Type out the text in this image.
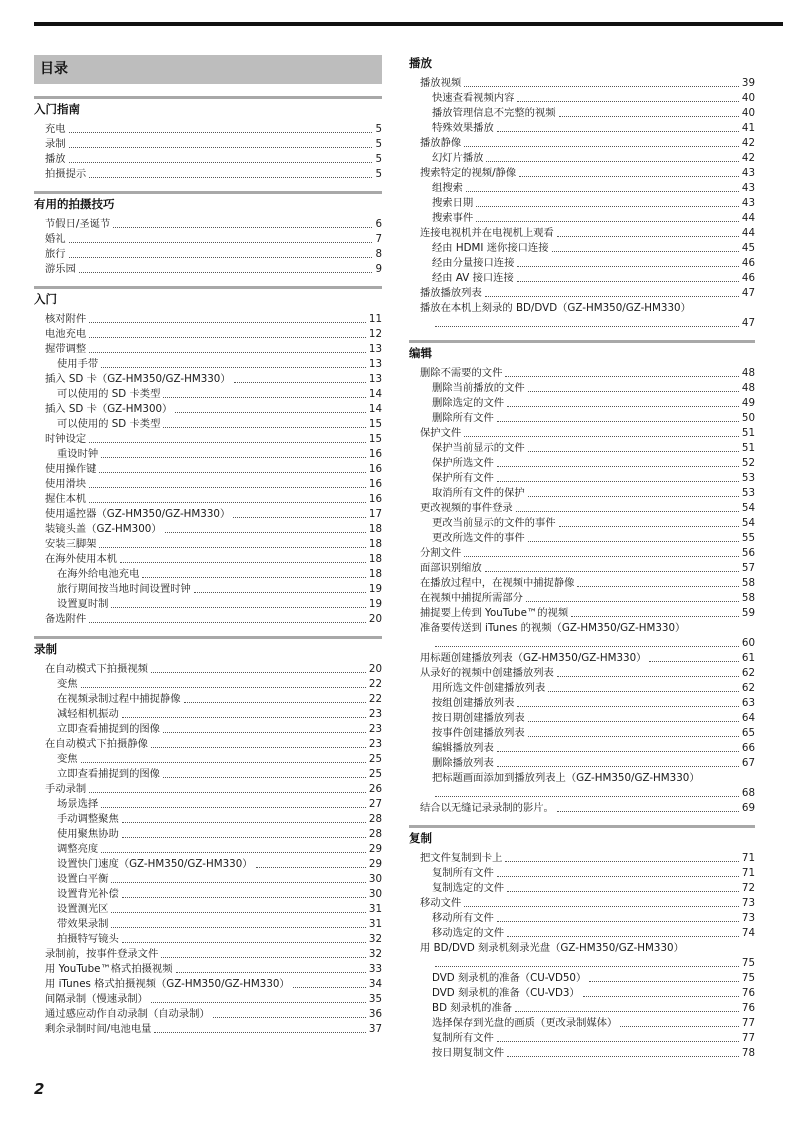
目录
入门指南
充电	5
录制	5
播放	5
拍摄提示	5
有用的拍摄技巧
节假日/圣诞节	6
婚礼	7
旅行	8
游乐园	9
入门
核对附件	11
电池充电	12
握带调整	13
使用手带	13
插入 SD 卡（GZ-HM350/GZ-HM330）	13
可以使用的 SD 卡类型	14
插入 SD 卡（GZ-HM300）	14
可以使用的 SD 卡类型	15
时钟设定	15
重设时钟	16
使用操作键	16
使用滑块	16
握住本机	16
使用遥控器（GZ-HM350/GZ-HM330）	17
装镜头盖（GZ-HM300）	18
安装三脚架	18
在海外使用本机	18
在海外给电池充电	18
旅行期间按当地时间设置时钟	19
设置夏时制	19
备选附件	20
录制
在自动模式下拍摄视频	20
变焦	22
在视频录制过程中捕捉静像	22
减轻相机振动	23
立即查看捕捉到的图像	23
在自动模式下拍摄静像	23
变焦	25
立即查看捕捉到的图像	25
手动录制	26
场景选择	27
手动调整聚焦	28
使用聚焦协助	28
调整亮度	29
设置快门速度（GZ-HM350/GZ-HM330）	29
设置白平衡	30
设置背光补偿	30
设置测光区	31
带效果录制	31
拍摄特写镜头	32
录制前，按事件登录文件	32
用 YouTube™格式拍摄视频	33
用 iTunes 格式拍摄视频（GZ-HM350/GZ-HM330）	34
间隔录制（慢速录制）	35
通过感应动作自动录制（自动录制）	36
剩余录制时间/电池电量	37
播放
播放视频	39
快速查看视频内容	40
播放管理信息不完整的视频	40
特殊效果播放	41
播放静像	42
幻灯片播放	42
搜索特定的视频/静像	43
组搜索	43
搜索日期	43
搜索事件	44
连接电视机并在电视机上观看	44
经由 HDMI 迷你接口连接	45
经由分量接口连接	46
经由 AV 接口连接	46
播放播放列表	47
播放在本机上刻录的 BD/DVD（GZ-HM350/GZ-HM330）
47
编辑
删除不需要的文件	48
删除当前播放的文件	48
删除选定的文件	49
删除所有文件	50
保护文件	51
保护当前显示的文件	51
保护所选文件	52
保护所有文件	53
取消所有文件的保护	53
更改视频的事件登录	54
更改当前显示的文件的事件	54
更改所选文件的事件	55
分割文件	56
面部识别缩放	57
在播放过程中，在视频中捕捉静像	58
在视频中捕捉所需部分	58
捕捉要上传到 YouTube™的视频	59
准备要传送到 iTunes 的视频（GZ-HM350/GZ-HM330）
60
用标题创建播放列表（GZ-HM350/GZ-HM330）	61
从录好的视频中创建播放列表	62
用所选文件创建播放列表	62
按组创建播放列表	63
按日期创建播放列表	64
按事件创建播放列表	65
编辑播放列表	66
删除播放列表	67
把标题画面添加到播放列表上（GZ-HM350/GZ-HM330）
68
结合以无缝记录录制的影片。	69
复制
把文件复制到卡上	71
复制所有文件	71
复制选定的文件	72
移动文件	73
移动所有文件	73
移动选定的文件	74
用 BD/DVD 刻录机刻录光盘（GZ-HM350/GZ-HM330）
75
DVD 刻录机的准备（CU-VD50）	75
DVD 刻录机的准备（CU-VD3）	76
BD 刻录机的准备	76
选择保存到光盘的画质（更改录制媒体）	77
复制所有文件	77
按日期复制文件	78
2
